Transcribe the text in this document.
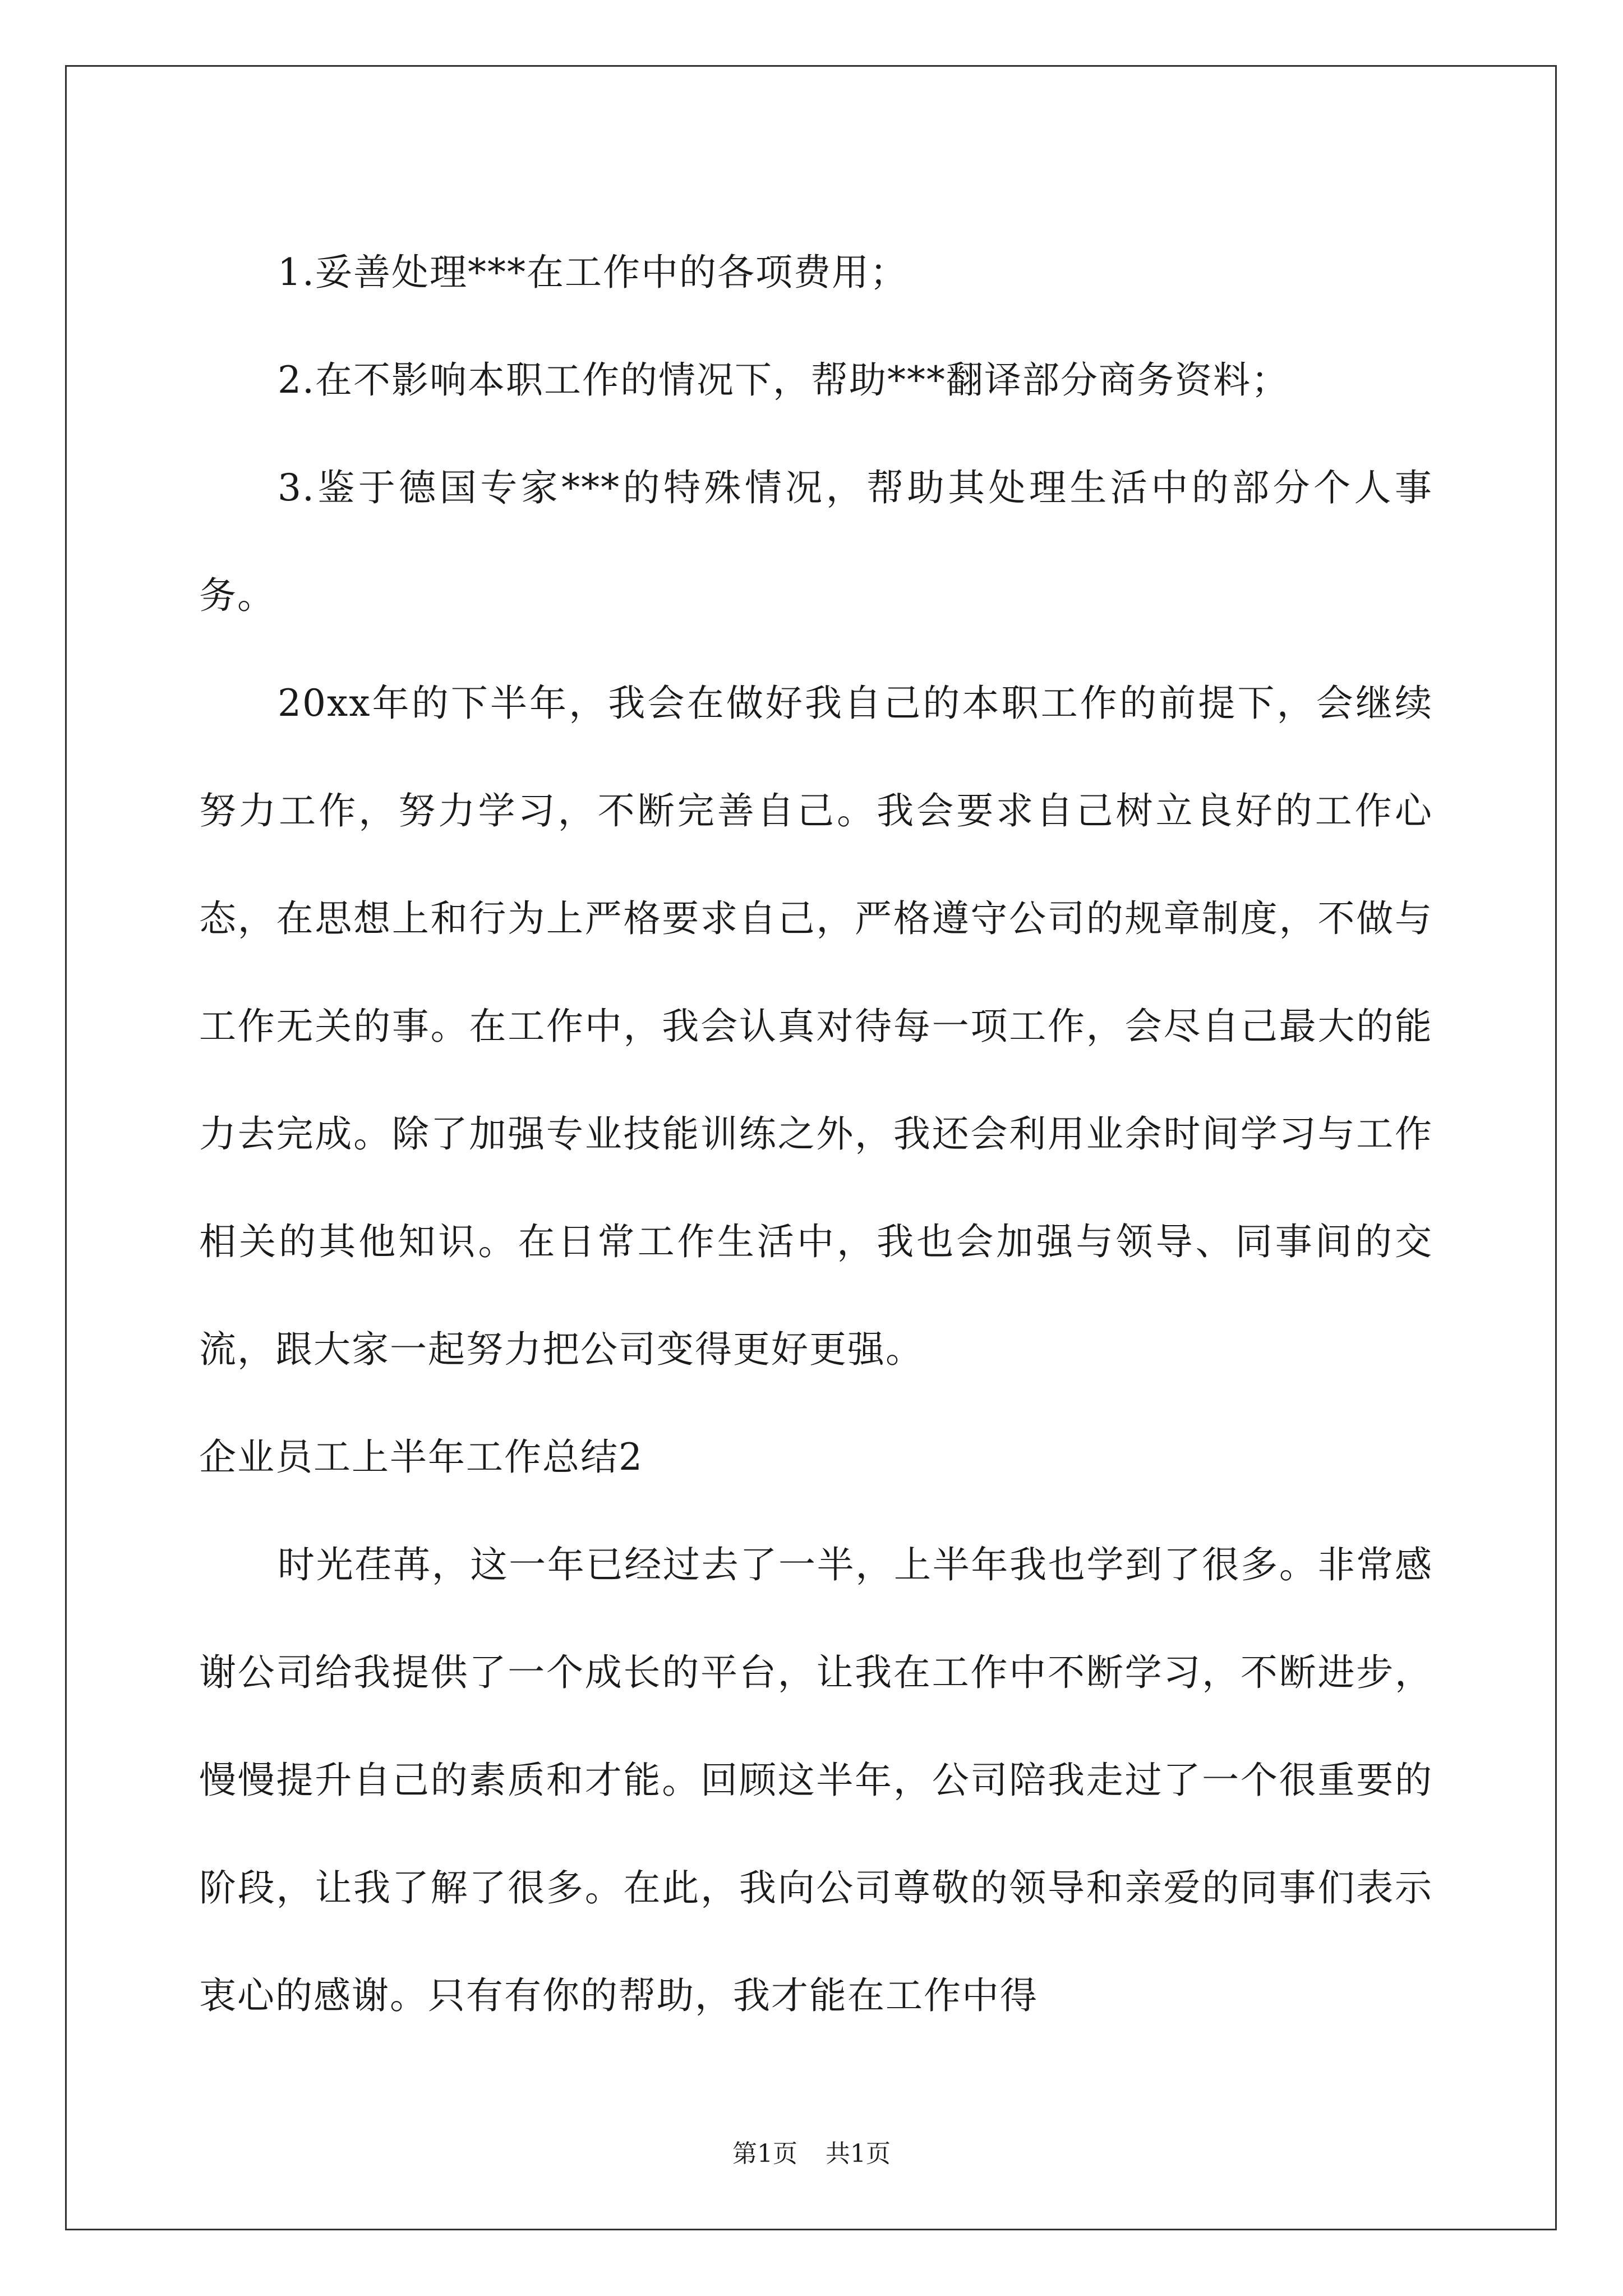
1.妥善处理***在工作中的各项费用；

2.在不影响本职工作的情况下，帮助***翻译部分商务资料；

3.鉴于德国专家***的特殊情况，帮助其处理生活中的部分个人事务。

20xx年的下半年，我会在做好我自己的本职工作的前提下，会继续努力工作，努力学习，不断完善自己。我会要求自己树立良好的工作心态，在思想上和行为上严格要求自己，严格遵守公司的规章制度，不做与工作无关的事。在工作中，我会认真对待每一项工作，会尽自己最大的能力去完成。除了加强专业技能训练之外，我还会利用业余时间学习与工作相关的其他知识。在日常工作生活中，我也会加强与领导、同事间的交流，跟大家一起努力把公司变得更好更强。

企业员工上半年工作总结2

时光荏苒，这一年已经过去了一半，上半年我也学到了很多。非常感谢公司给我提供了一个成长的平台，让我在工作中不断学习，不断进步，慢慢提升自己的素质和才能。回顾这半年，公司陪我走过了一个很重要的阶段，让我了解了很多。在此，我向公司尊敬的领导和亲爱的同事们表示衷心的感谢。只有有你的帮助，我才能在工作中得

第1页 共1页
